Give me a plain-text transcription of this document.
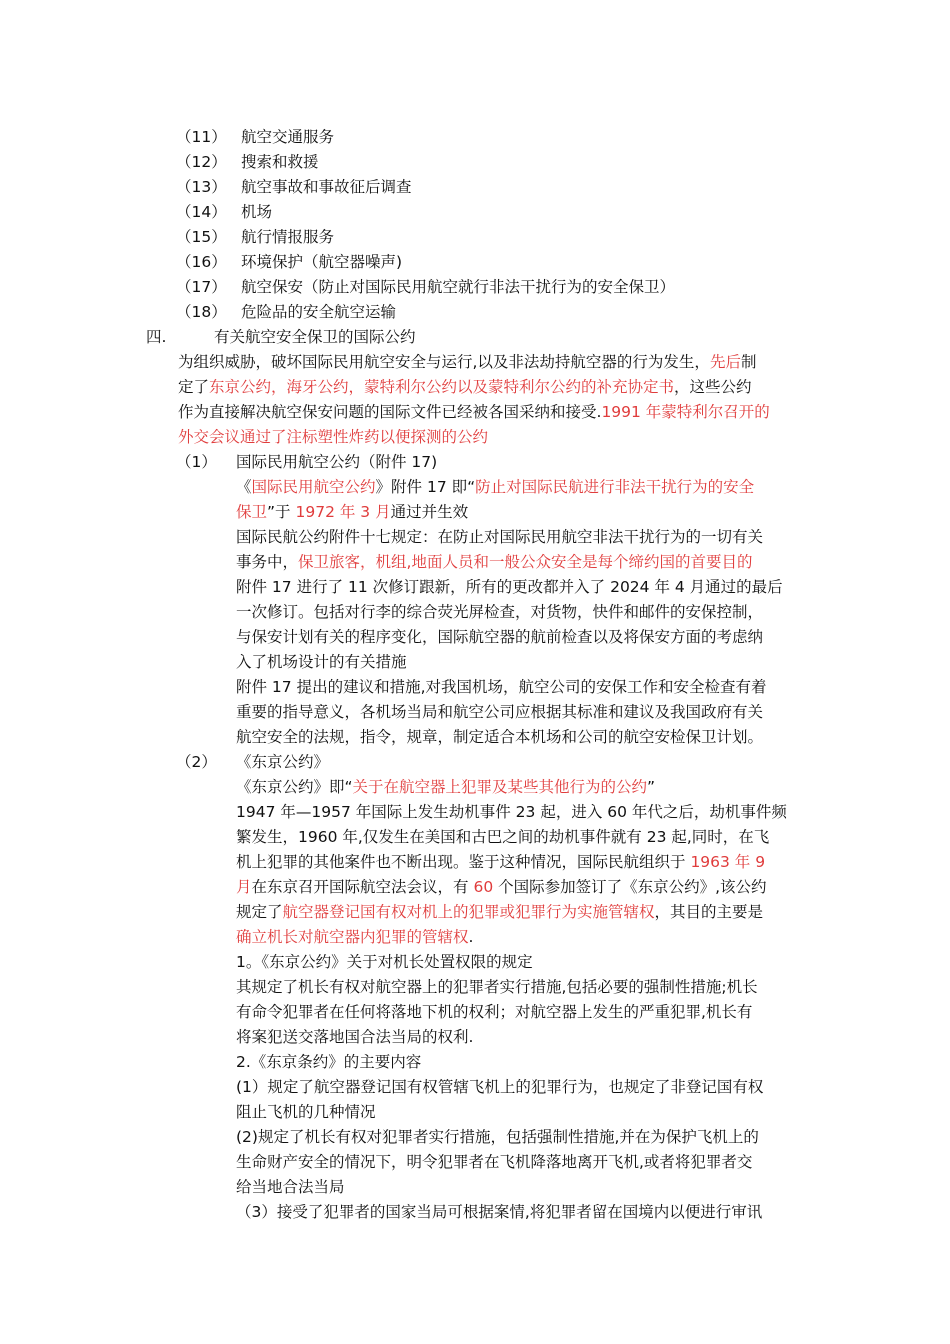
（11） 航空交通服务
（12） 搜索和救援
（13） 航空事故和事故征后调查
（14） 机场
（15） 航行情报服务
（16） 环境保护（航空器噪声)
（17） 航空保安（防止对国际民用航空就行非法干扰行为的安全保卫）
（18） 危险品的安全航空运输
四.	有关航空安全保卫的国际公约
为组织威胁，破坏国际民用航空安全与运行,以及非法劫持航空器的行为发生，先后制
定了东京公约，海牙公约，蒙特利尔公约以及蒙特利尔公约的补充协定书，这些公约
作为直接解决航空保安问题的国际文件已经被各国采纳和接受.1991 年蒙特利尔召开的
外交会议通过了注标塑性炸药以便探测的公约
（1） 国际民用航空公约（附件 17)
《国际民用航空公约》附件 17 即“防止对国际民航进行非法干扰行为的安全
保卫”于 1972 年 3 月通过并生效
国际民航公约附件十七规定：在防止对国际民用航空非法干扰行为的一切有关
事务中，保卫旅客，机组,地面人员和一般公众安全是每个缔约国的首要目的
附件 17 进行了 11 次修订跟新，所有的更改都并入了 2024 年 4 月通过的最后
一次修订。包括对行李的综合荧光屏检查，对货物，快件和邮件的安保控制，
与保安计划有关的程序变化，国际航空器的航前检查以及将保安方面的考虑纳
入了机场设计的有关措施
附件 17 提出的建议和措施,对我国机场，航空公司的安保工作和安全检查有着
重要的指导意义，各机场当局和航空公司应根据其标准和建议及我国政府有关
航空安全的法规，指令，规章，制定适合本机场和公司的航空安检保卫计划。
（2） 《东京公约》
《东京公约》即“关于在航空器上犯罪及某些其他行为的公约”
1947 年—1957 年国际上发生劫机事件 23 起，进入 60 年代之后，劫机事件频
繁发生，1960 年,仅发生在美国和古巴之间的劫机事件就有 23 起,同时，在飞
机上犯罪的其他案件也不断出现。鉴于这种情况，国际民航组织于 1963 年 9
月在东京召开国际航空法会议，有 60 个国际参加签订了《东京公约》,该公约
规定了航空器登记国有权对机上的犯罪或犯罪行为实施管辖权，其目的主要是
确立机长对航空器内犯罪的管辖权.
1。《东京公约》关于对机长处置权限的规定
其规定了机长有权对航空器上的犯罪者实行措施,包括必要的强制性措施;机长
有命令犯罪者在任何将落地下机的权利；对航空器上发生的严重犯罪,机长有
将案犯送交落地国合法当局的权利.
2.《东京条约》的主要内容
(1）规定了航空器登记国有权管辖飞机上的犯罪行为，也规定了非登记国有权
阻止飞机的几种情况
(2)规定了机长有权对犯罪者实行措施，包括强制性措施,并在为保护飞机上的
生命财产安全的情况下，明令犯罪者在飞机降落地离开飞机,或者将犯罪者交
给当地合法当局
（3）接受了犯罪者的国家当局可根据案情,将犯罪者留在国境内以便进行审讯
